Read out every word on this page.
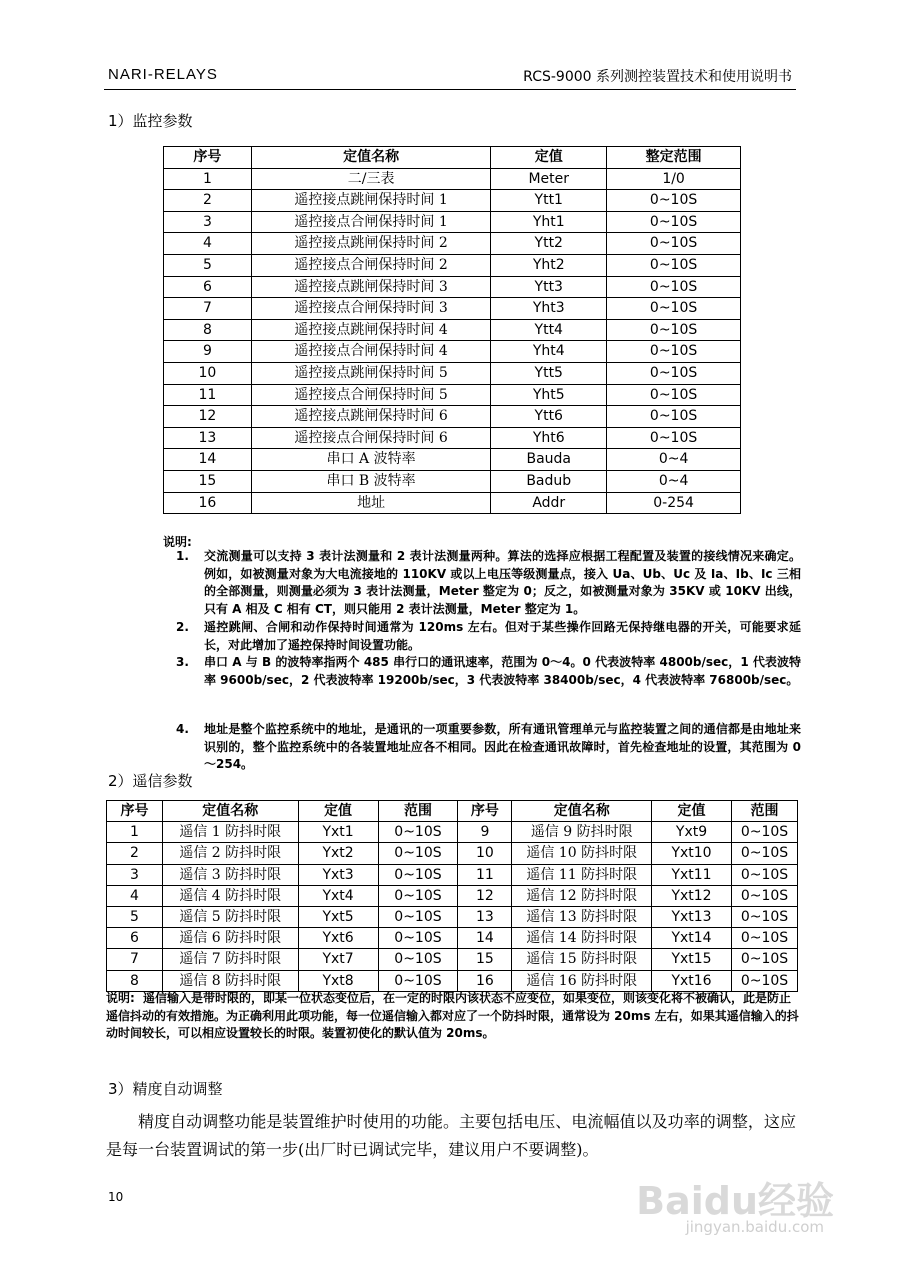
NARI-RELAYS	RCS-9000 系列测控装置技术和使用说明书
1）监控参数
序号	定值名称	定值	整定范围
1	二/三表	Meter	1/0
2	遥控接点跳闸保持时间 1	Ytt1	0~10S
3	遥控接点合闸保持时间 1	Yht1	0~10S
4	遥控接点跳闸保持时间 2	Ytt2	0~10S
5	遥控接点合闸保持时间 2	Yht2	0~10S
6	遥控接点跳闸保持时间 3	Ytt3	0~10S
7	遥控接点合闸保持时间 3	Yht3	0~10S
8	遥控接点跳闸保持时间 4	Ytt4	0~10S
9	遥控接点合闸保持时间 4	Yht4	0~10S
10	遥控接点跳闸保持时间 5	Ytt5	0~10S
11	遥控接点合闸保持时间 5	Yht5	0~10S
12	遥控接点跳闸保持时间 6	Ytt6	0~10S
13	遥控接点合闸保持时间 6	Yht6	0~10S
14	串口 A 波特率	Bauda	0~4
15	串口 B 波特率	Badub	0~4
16	地址	Addr	0-254
说明:
1. 交流测量可以支持 3 表计法测量和 2 表计法测量两种。算法的选择应根据工程配置及装置的接线情况来确定。例如，如被测量对象为大电流接地的 110KV 或以上电压等级测量点，接入 Ua、Ub、Uc 及 Ia、Ib、Ic 三相的全部测量，则测量必须为 3 表计法测量，Meter 整定为 0；反之，如被测量对象为 35KV 或 10KV 出线，只有 A 相及 C 相有 CT，则只能用 2 表计法测量，Meter 整定为 1。
2. 遥控跳闸、合闸和动作保持时间通常为 120ms 左右。但对于某些操作回路无保持继电器的开关，可能要求延长，对此增加了遥控保持时间设置功能。
3. 串口 A 与 B 的波特率指两个 485 串行口的通讯速率，范围为 0～4。0 代表波特率 4800b/sec，1 代表波特率 9600b/sec，2 代表波特率 19200b/sec，3 代表波特率 38400b/sec，4 代表波特率 76800b/sec。
4. 地址是整个监控系统中的地址，是通讯的一项重要参数，所有通讯管理单元与监控装置之间的通信都是由地址来识别的，整个监控系统中的各装置地址应各不相同。因此在检查通讯故障时，首先检查地址的设置，其范围为 0～254。
2）遥信参数
序号	定值名称	定值	范围	序号	定值名称	定值	范围
1	遥信 1 防抖时限	Yxt1	0~10S	9	遥信 9 防抖时限	Yxt9	0~10S
2	遥信 2 防抖时限	Yxt2	0~10S	10	遥信 10 防抖时限	Yxt10	0~10S
3	遥信 3 防抖时限	Yxt3	0~10S	11	遥信 11 防抖时限	Yxt11	0~10S
4	遥信 4 防抖时限	Yxt4	0~10S	12	遥信 12 防抖时限	Yxt12	0~10S
5	遥信 5 防抖时限	Yxt5	0~10S	13	遥信 13 防抖时限	Yxt13	0~10S
6	遥信 6 防抖时限	Yxt6	0~10S	14	遥信 14 防抖时限	Yxt14	0~10S
7	遥信 7 防抖时限	Yxt7	0~10S	15	遥信 15 防抖时限	Yxt15	0~10S
8	遥信 8 防抖时限	Yxt8	0~10S	16	遥信 16 防抖时限	Yxt16	0~10S
说明: 遥信输入是带时限的，即某一位状态变位后，在一定的时限内该状态不应变位，如果变位，则该变化将不被确认，此是防止遥信抖动的有效措施。为正确利用此项功能，每一位遥信输入都对应了一个防抖时限，通常设为 20ms 左右，如果其遥信输入的抖动时间较长，可以相应设置较长的时限。装置初使化的默认值为 20ms。
3）精度自动调整
精度自动调整功能是装置维护时使用的功能。主要包括电压、电流幅值以及功率的调整，这应是每一台装置调试的第一步(出厂时已调试完毕，建议用户不要调整)。
10	Baidu经验
jingyan.baidu.com
